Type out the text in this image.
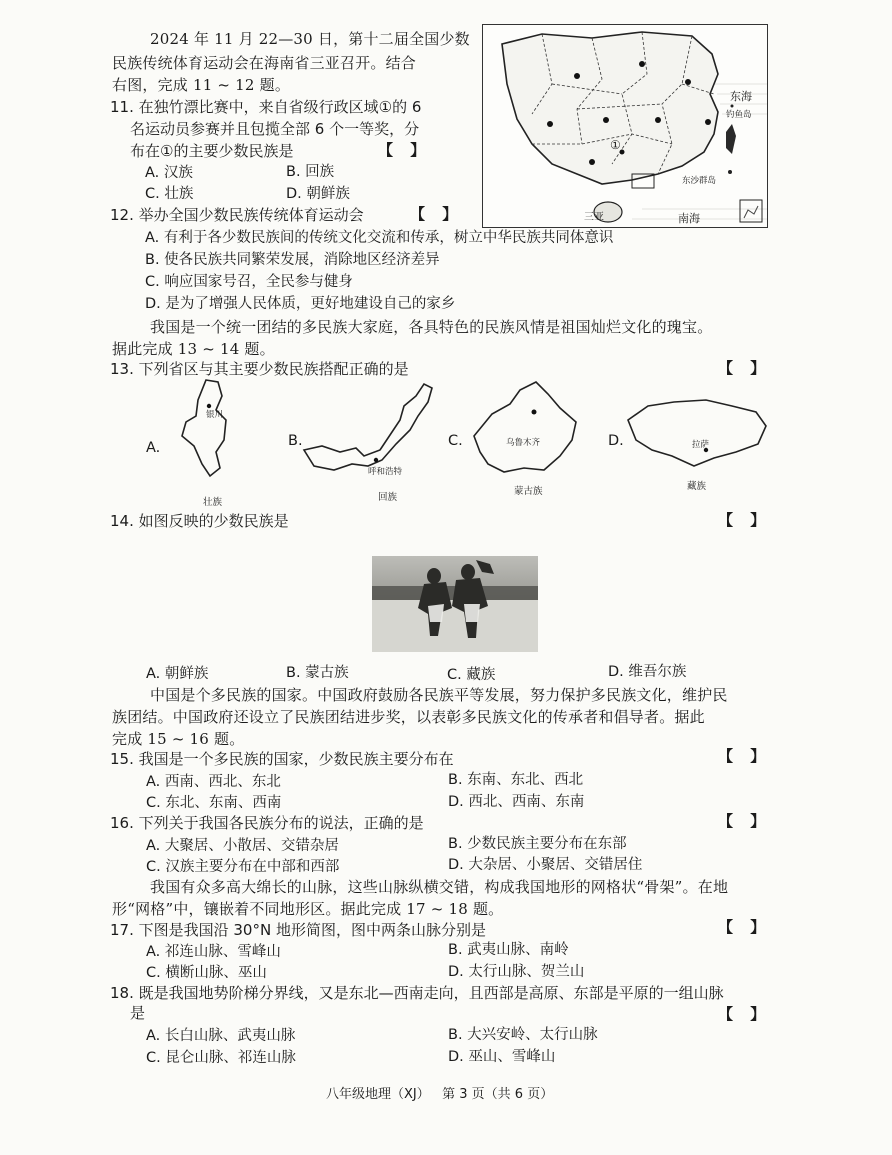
2024 年 11 月 22—30 日，第十二届全国少数
民族传统体育运动会在海南省三亚召开。结合
右图，完成 11 ~ 12 题。
①
东海
钓鱼岛
东沙群岛
三亚	南海
11. 在独竹漂比赛中，来自省级行政区域①的 6
名运动员参赛并且包揽全部 6 个一等奖，分
布在①的主要少数民族是	【 】
A. 汉族	B. 回族
C. 壮族	D. 朝鲜族
12. 举办全国少数民族传统体育运动会	【 】
A. 有利于各少数民族间的传统文化交流和传承，树立中华民族共同体意识
B. 使各民族共同繁荣发展，消除地区经济差异
C. 响应国家号召，全民参与健身
D. 是为了增强人民体质，更好地建设自己的家乡
我国是一个统一团结的多民族大家庭，各具特色的民族风情是祖国灿烂文化的瑰宝。
据此完成 13 ~ 14 题。
13. 下列省区与其主要少数民族搭配正确的是	【 】
A.
银川
壮族
B.
呼和浩特
回族
C.	乌鲁木齐
蒙古族
D.	拉萨
藏族
14. 如图反映的少数民族是	【 】
A. 朝鲜族	B. 蒙古族	C. 藏族	D. 维吾尔族
中国是个多民族的国家。中国政府鼓励各民族平等发展，努力保护多民族文化，维护民
族团结。中国政府还设立了民族团结进步奖，以表彰多民族文化的传承者和倡导者。据此
完成 15 ~ 16 题。
15. 我国是一个多民族的国家，少数民族主要分布在	【 】
A. 西南、西北、东北	B. 东南、东北、西北
C. 东北、东南、西南	D. 西北、西南、东南
16. 下列关于我国各民族分布的说法，正确的是	【 】
A. 大聚居、小散居、交错杂居	B. 少数民族主要分布在东部
C. 汉族主要分布在中部和西部	D. 大杂居、小聚居、交错居住
我国有众多高大绵长的山脉，这些山脉纵横交错，构成我国地形的网格状“骨架”。在地
形“网格”中，镶嵌着不同地形区。据此完成 17 ~ 18 题。
17. 下图是我国沿 30°N 地形简图，图中两条山脉分别是	【 】
A. 祁连山脉、雪峰山	B. 武夷山脉、南岭
C. 横断山脉、巫山	D. 太行山脉、贺兰山
18. 既是我国地势阶梯分界线，又是东北—西南走向，且西部是高原、东部是平原的一组山脉
是	【 】
A. 长白山脉、武夷山脉	B. 大兴安岭、太行山脉
C. 昆仑山脉、祁连山脉	D. 巫山、雪峰山
八年级地理（XJ）   第 3 页（共 6 页）
